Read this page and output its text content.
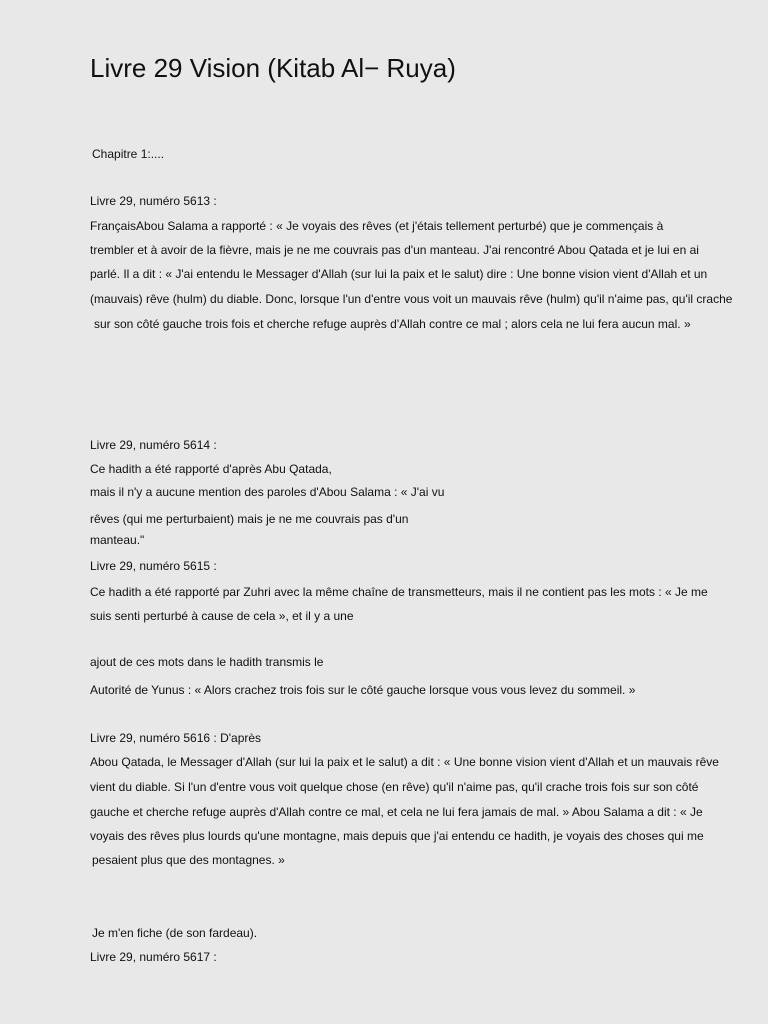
Livre 29 Vision (Kitab Al− Ruya)
Chapitre 1:....
Livre 29, numéro 5613 :
FrançaisAbou Salama a rapporté : « Je voyais des rêves (et j'étais tellement perturbé) que je commençais à
trembler et à avoir de la fièvre, mais je ne me couvrais pas d'un manteau. J'ai rencontré Abou Qatada et je lui en ai
parlé. Il a dit : « J'ai entendu le Messager d'Allah (sur lui la paix et le salut) dire : Une bonne vision vient d'Allah et un
(mauvais) rêve (hulm) du diable. Donc, lorsque l'un d'entre vous voit un mauvais rêve (hulm) qu'il n'aime pas, qu'il crache
sur son côté gauche trois fois et cherche refuge auprès d'Allah contre ce mal ; alors cela ne lui fera aucun mal. »
Livre 29, numéro 5614 :
Ce hadith a été rapporté d'après Abu Qatada,
mais il n'y a aucune mention des paroles d'Abou Salama : « J'ai vu
rêves (qui me perturbaient) mais je ne me couvrais pas d'un
manteau."
Livre 29, numéro 5615 :
Ce hadith a été rapporté par Zuhri avec la même chaîne de transmetteurs, mais il ne contient pas les mots : « Je me
suis senti perturbé à cause de cela », et il y a une
ajout de ces mots dans le hadith transmis le
Autorité de Yunus : « Alors crachez trois fois sur le côté gauche lorsque vous vous levez du sommeil. »
Livre 29, numéro 5616 : D'après
Abou Qatada, le Messager d'Allah (sur lui la paix et le salut) a dit : « Une bonne vision vient d'Allah et un mauvais rêve
vient du diable. Si l'un d'entre vous voit quelque chose (en rêve) qu'il n'aime pas, qu'il crache trois fois sur son côté
gauche et cherche refuge auprès d'Allah contre ce mal, et cela ne lui fera jamais de mal. » Abou Salama a dit : « Je
voyais des rêves plus lourds qu'une montagne, mais depuis que j'ai entendu ce hadith, je voyais des choses qui me
pesaient plus que des montagnes. »
Je m'en fiche (de son fardeau).
Livre 29, numéro 5617 :
